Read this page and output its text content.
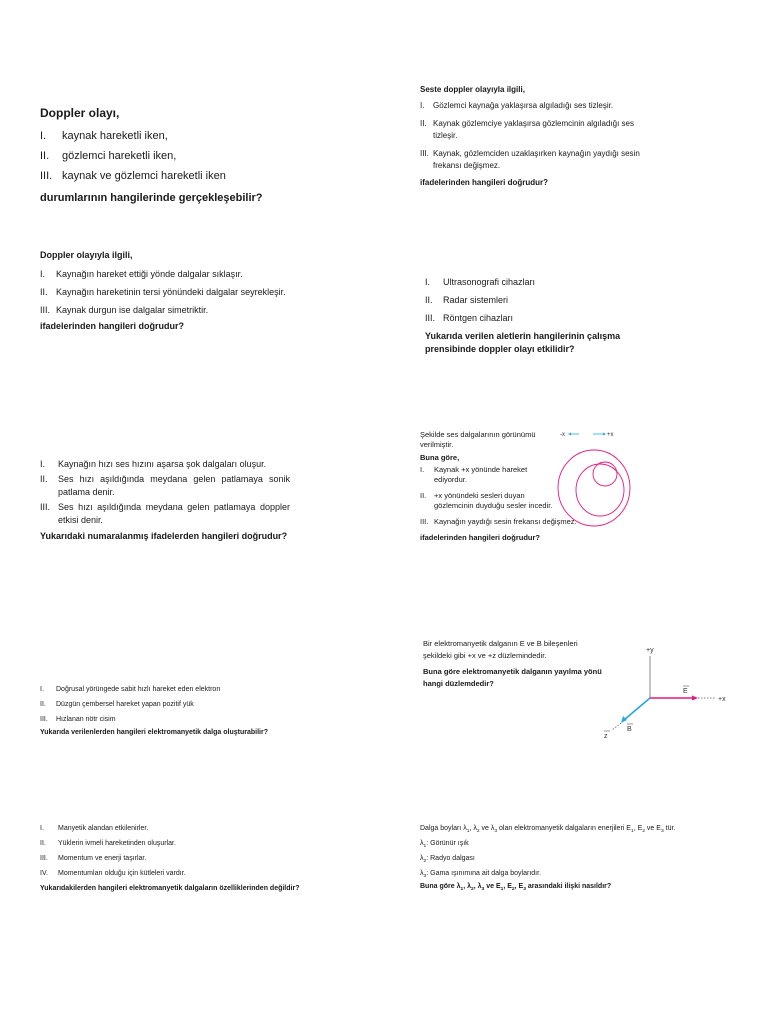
Doppler olayı,
I. kaynak hareketli iken,
II. gözlemci hareketli iken,
III. kaynak ve gözlemci hareketli iken
durumlarının hangilerinde gerçekleşebilir?
Seste doppler olayıyla ilgili,
I. Gözlemci kaynağa yaklaşırsa algıladığı ses tizleşir.
II. Kaynak gözlemciye yaklaşırsa gözlemcinin algıladığı ses tizleşir.
III. Kaynak, gözlemciden uzaklaşırken kaynağın yaydığı sesin frekansı değişmez.
ifadelerinden hangileri doğrudur?
Doppler olayıyla ilgili,
I. Kaynağın hareket ettiği yönde dalgalar sıklaşır.
II. Kaynağın hareketinin tersi yönündeki dalgalar seyrekleşir.
III. Kaynak durgun ise dalgalar simetriktir.
ifadelerinden hangileri doğrudur?
I. Ultrasonografi cihazları
II. Radar sistemleri
III. Röntgen cihazları
Yukarıda verilen aletlerin hangilerinin çalışma prensibinde doppler olayı etkilidir?
Şekilde ses dalgalarının görünümü verilmiştir.
Buna göre,
I. Kaynak +x yönünde hareket ediyordur.
II. +x yönündeki sesleri duyan gözlemcinin duyduğu sesler incedir.
III. Kaynağın yaydığı sesin frekansı değişmez.
ifadelerinden hangileri doğrudur?
-x	+x
I. Kaynağın hızı ses hızını aşarsa şok dalgaları oluşur.
II. Ses hızı aşıldığında meydana gelen patlamaya sonik patlama denir.
III. Ses hızı aşıldığında meydana gelen patlamaya doppler etkisi denir.
Yukarıdaki numaralanmış ifadelerden hangileri doğrudur?
Bir elektromanyetik dalganın E ve B bileşenleri şekildeki gibi +x ve +z düzlemindedir.
Buna göre elektromanyetik dalganın yayılma yönü hangi düzlemdedir?
+y
+x
E
B
z
I. Doğrusal yörüngede sabit hızlı hareket eden elektron
II. Düzgün çembersel hareket yapan pozitif yük
III. Hızlanan nötr cisim
Yukarıda verilenlerden hangileri elektromanyetik dalga oluşturabilir?
I. Manyetik alandan etkilenirler.
II. Yüklerin ivmeli hareketinden oluşurlar.
III. Momentum ve enerji taşırlar.
IV. Momentumları olduğu için kütleleri vardır.
Yukarıdakilerden hangileri elektromanyetik dalgaların özelliklerinden değildir?
Dalga boyları $\lambda_1$, $\lambda_2$ ve $\lambda_3$ olan elektromanyetik dalgaların enerjileri $E_1$, $E_2$ ve $E_3$ tür.
$\lambda_1$: Görünür ışık
$\lambda_2$: Radyo dalgası
$\lambda_3$: Gama ışınımına ait dalga boylarıdır.
Buna göre $\lambda_1$, $\lambda_2$, $\lambda_3$ ve $E_1$, $E_2$, $E_3$ arasındaki ilişki nasıldır?
